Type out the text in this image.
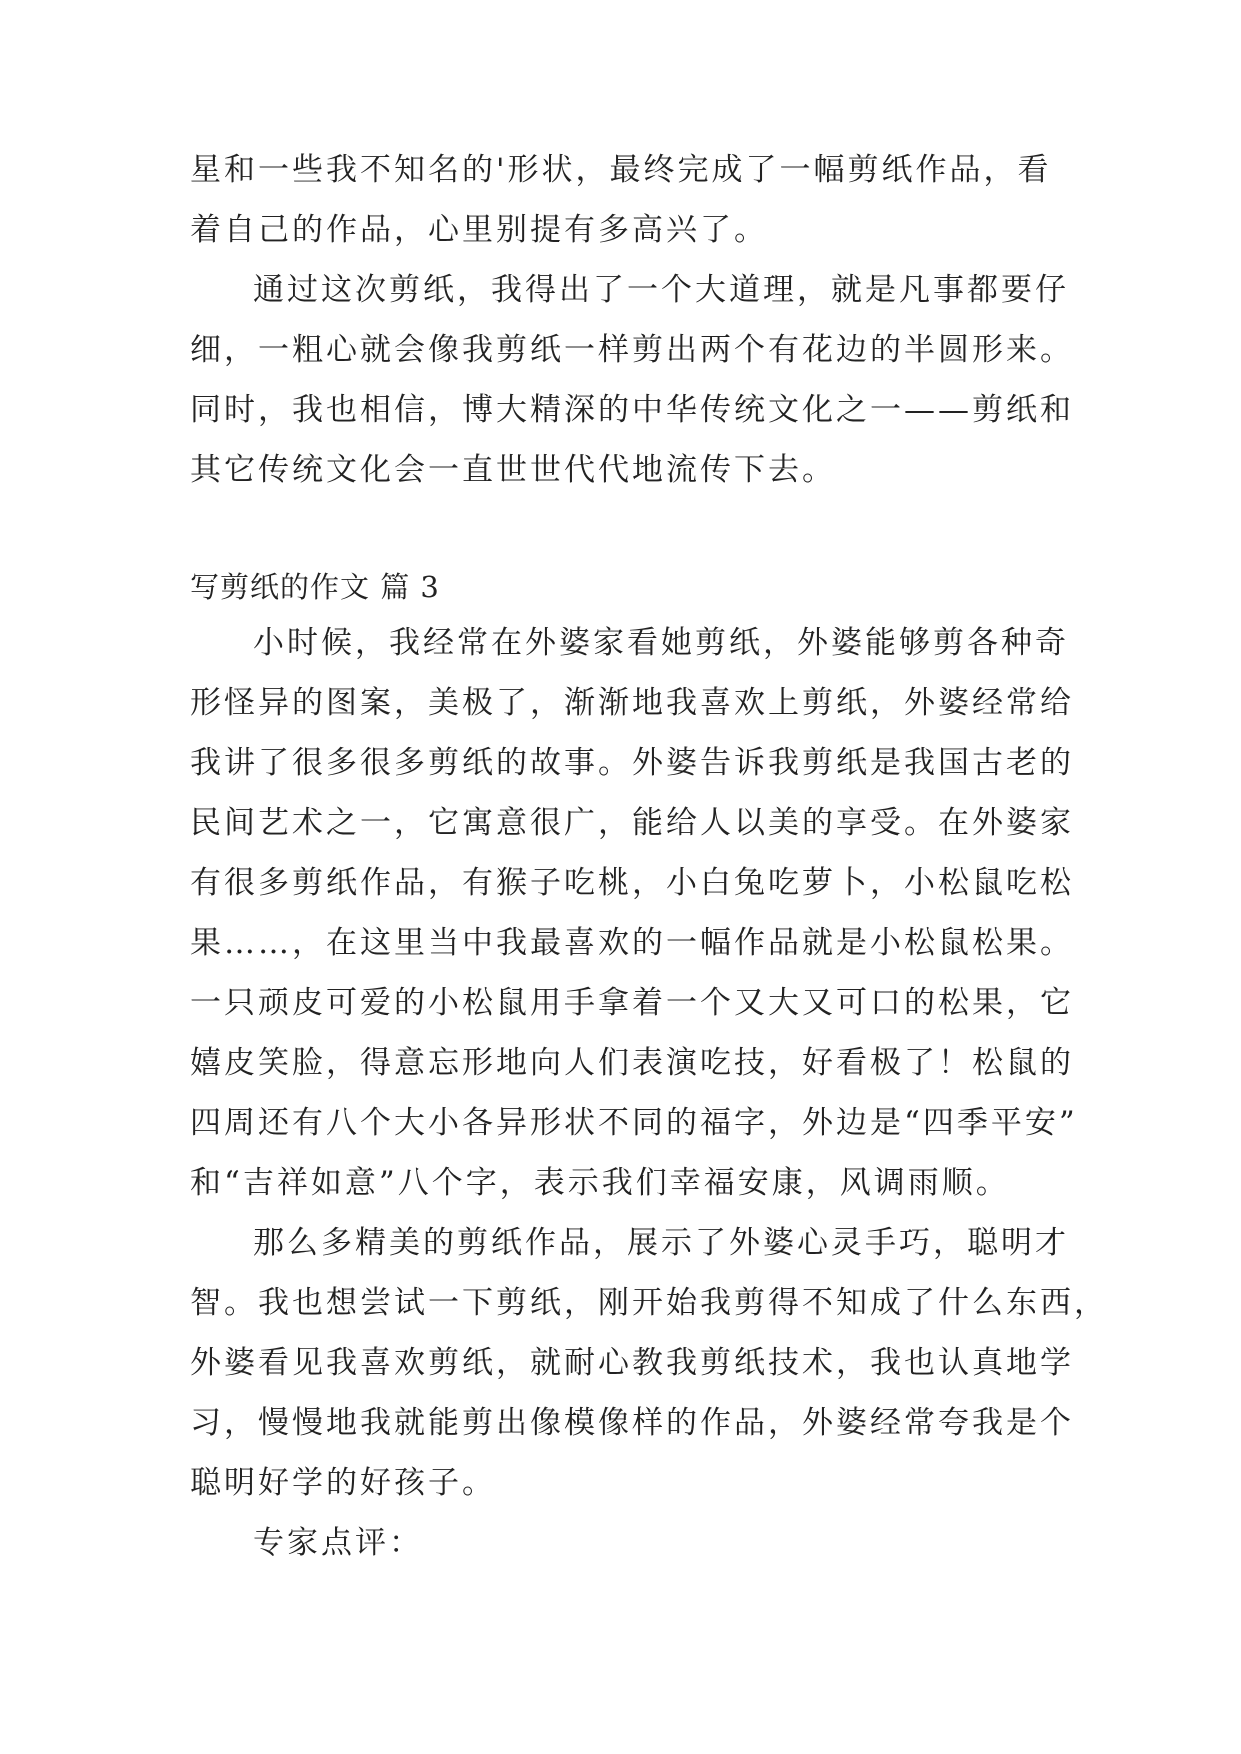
星和一些我不知名的'形状，最终完成了一幅剪纸作品，看
着自己的作品，心里别提有多高兴了。
通过这次剪纸，我得出了一个大道理，就是凡事都要仔
细，一粗心就会像我剪纸一样剪出两个有花边的半圆形来。
同时，我也相信，博大精深的中华传统文化之一——剪纸和
其它传统文化会一直世世代代地流传下去。
写剪纸的作文 篇 3
小时候，我经常在外婆家看她剪纸，外婆能够剪各种奇
形怪异的图案，美极了，渐渐地我喜欢上剪纸，外婆经常给
我讲了很多很多剪纸的故事。外婆告诉我剪纸是我国古老的
民间艺术之一，它寓意很广，能给人以美的享受。在外婆家
有很多剪纸作品，有猴子吃桃，小白兔吃萝卜，小松鼠吃松
果……，在这里当中我最喜欢的一幅作品就是小松鼠松果。
一只顽皮可爱的小松鼠用手拿着一个又大又可口的松果，它
嬉皮笑脸，得意忘形地向人们表演吃技，好看极了！松鼠的
四周还有八个大小各异形状不同的福字，外边是“四季平安”
和“吉祥如意”八个字，表示我们幸福安康，风调雨顺。
那么多精美的剪纸作品，展示了外婆心灵手巧，聪明才
智。我也想尝试一下剪纸，刚开始我剪得不知成了什么东西，
外婆看见我喜欢剪纸，就耐心教我剪纸技术，我也认真地学
习，慢慢地我就能剪出像模像样的作品，外婆经常夸我是个
聪明好学的好孩子。
专家点评：
